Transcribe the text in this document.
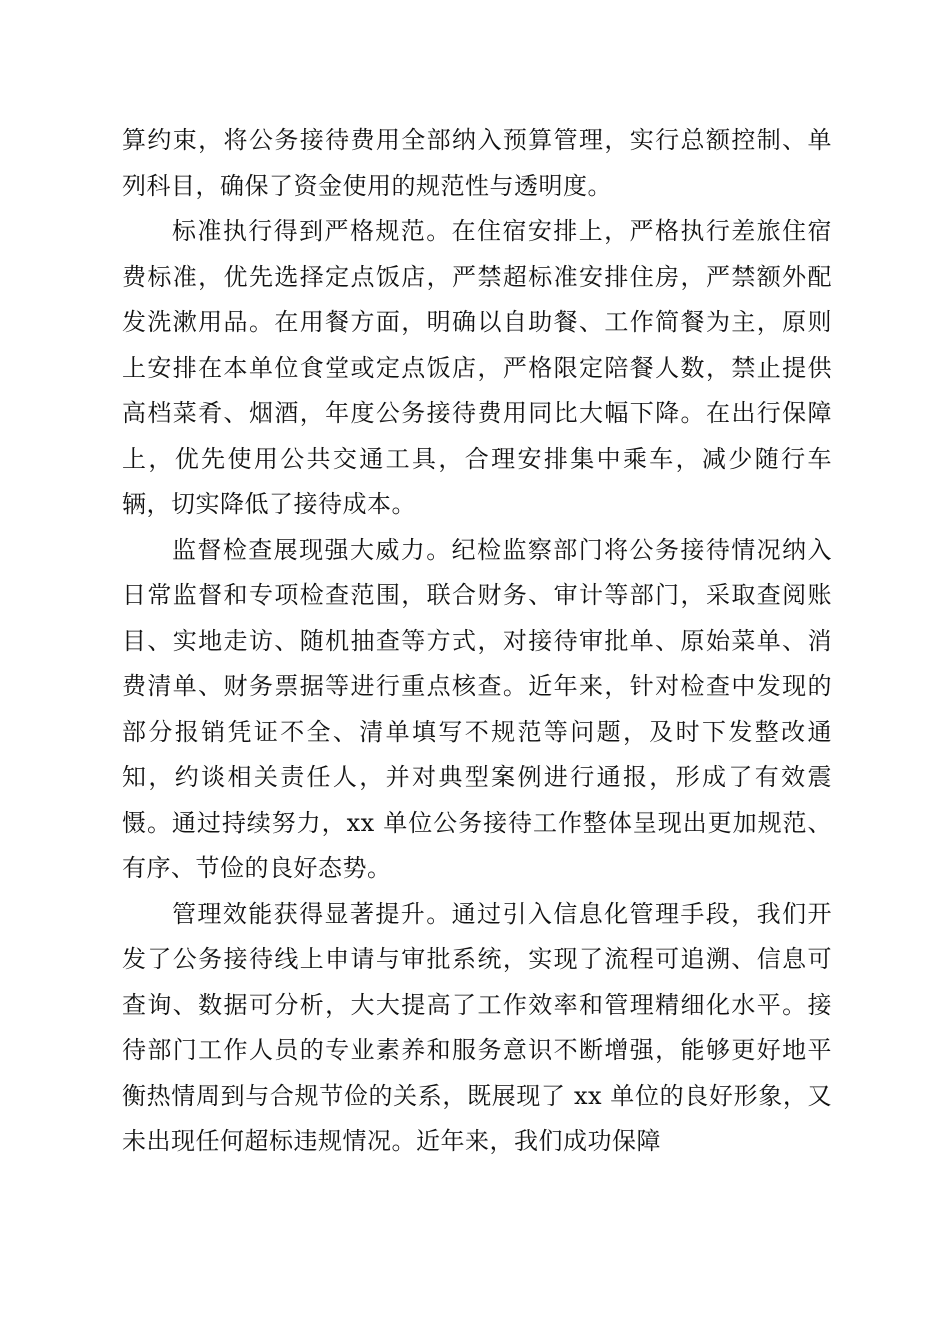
算约束，将公务接待费用全部纳入预算管理，实行总额控制、单列科目，确保了资金使用的规范性与透明度。

标准执行得到严格规范。在住宿安排上，严格执行差旅住宿费标准，优先选择定点饭店，严禁超标准安排住房，严禁额外配发洗漱用品。在用餐方面，明确以自助餐、工作简餐为主，原则上安排在本单位食堂或定点饭店，严格限定陪餐人数，禁止提供高档菜肴、烟酒，年度公务接待费用同比大幅下降。在出行保障上，优先使用公共交通工具，合理安排集中乘车，减少随行车辆，切实降低了接待成本。

监督检查展现强大威力。纪检监察部门将公务接待情况纳入日常监督和专项检查范围，联合财务、审计等部门，采取查阅账目、实地走访、随机抽查等方式，对接待审批单、原始菜单、消费清单、财务票据等进行重点核查。近年来，针对检查中发现的部分报销凭证不全、清单填写不规范等问题，及时下发整改通知，约谈相关责任人，并对典型案例进行通报，形成了有效震慑。通过持续努力，xx 单位公务接待工作整体呈现出更加规范、有序、节俭的良好态势。

管理效能获得显著提升。通过引入信息化管理手段，我们开发了公务接待线上申请与审批系统，实现了流程可追溯、信息可查询、数据可分析，大大提高了工作效率和管理精细化水平。接待部门工作人员的专业素养和服务意识不断增强，能够更好地平衡热情周到与合规节俭的关系，既展现了 xx 单位的良好形象，又未出现任何超标违规情况。近年来，我们成功保障
